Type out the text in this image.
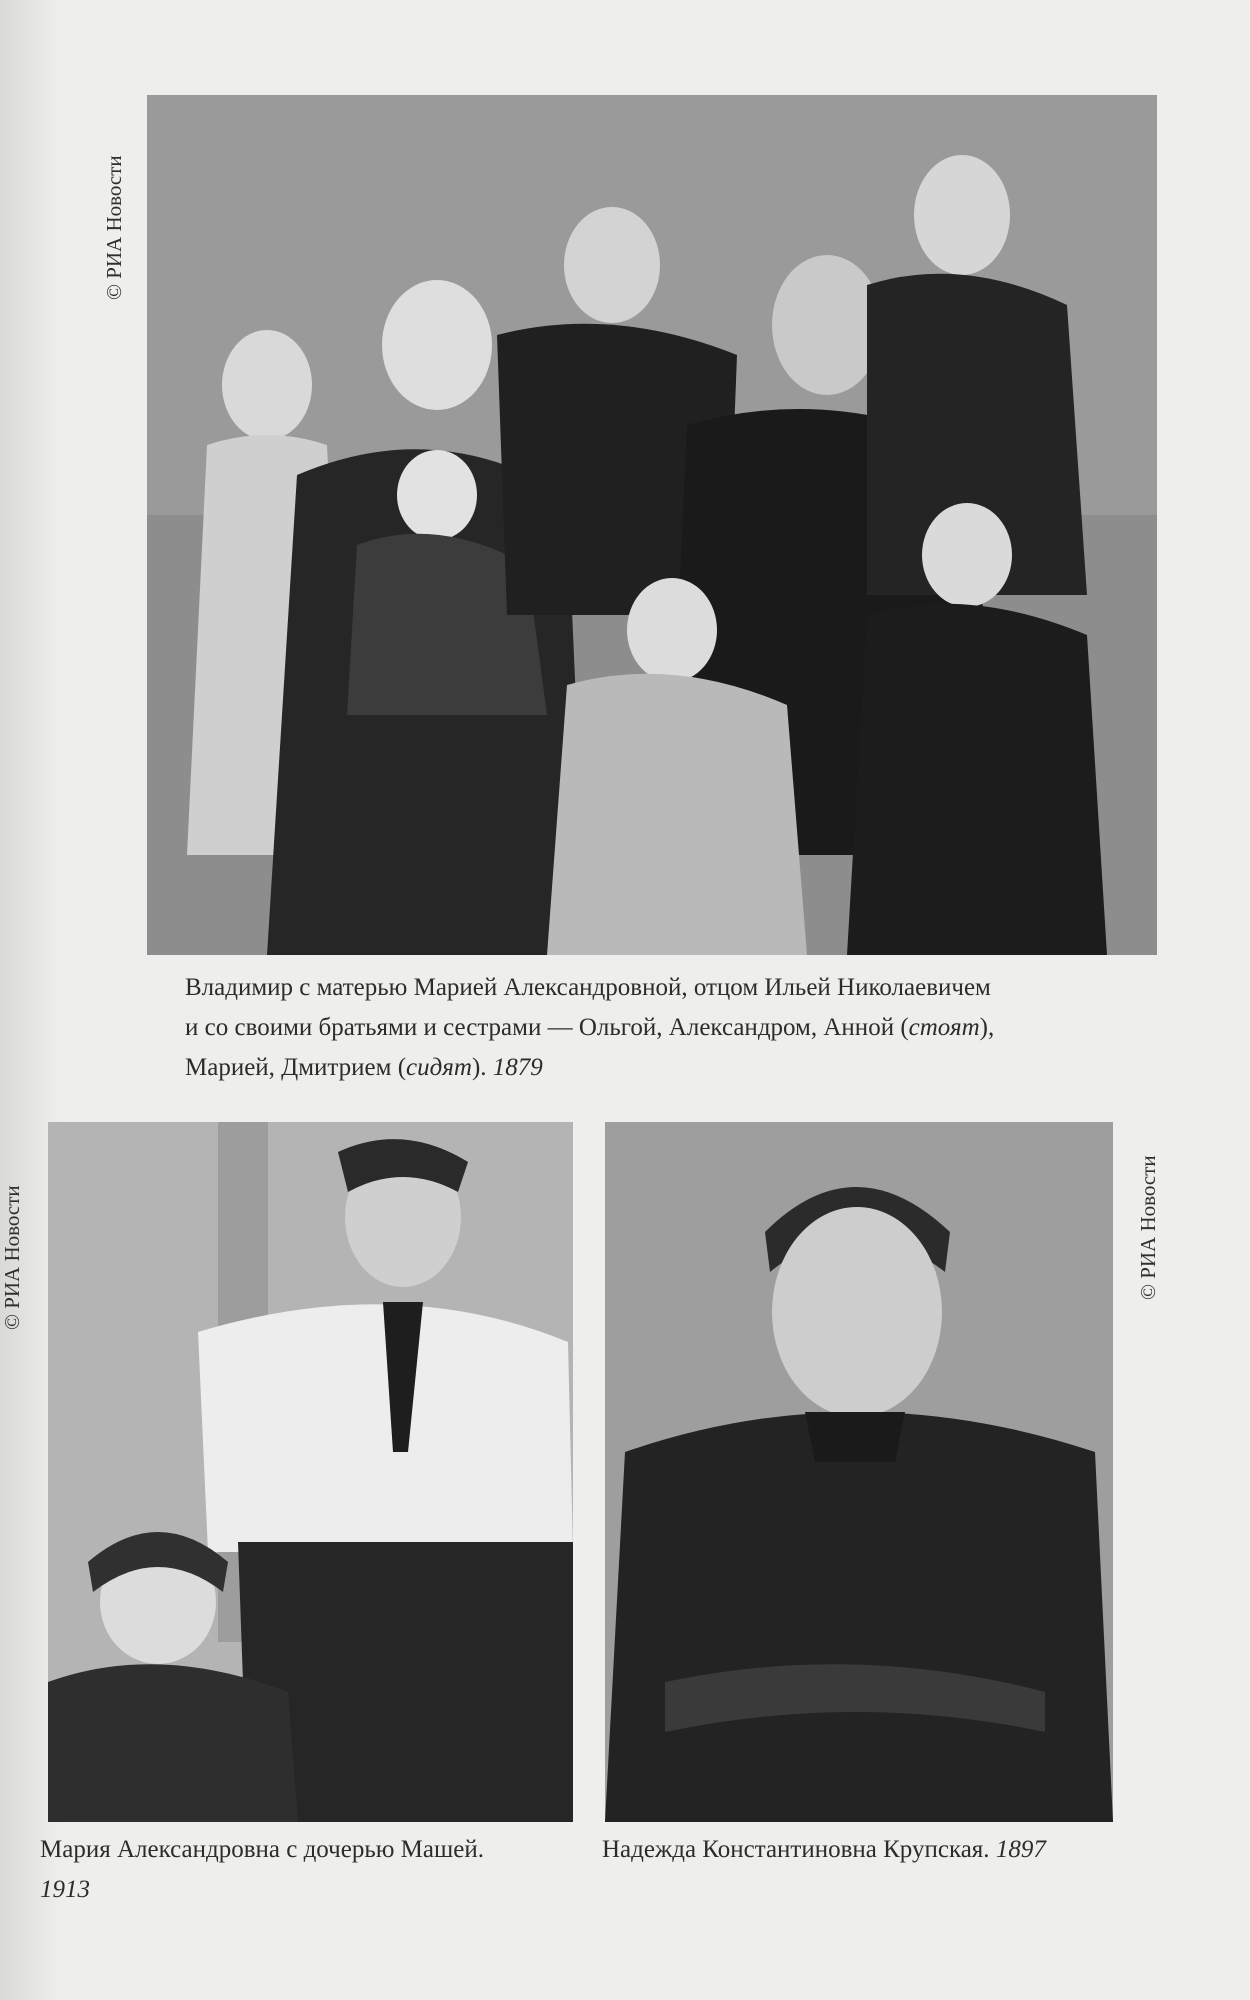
© РИА Новости
Владимир с матерью Марией Александровной, отцом Ильей Николаевичем
и со своими братьями и сестрами — Ольгой, Александром, Анной (стоят),
Марией, Дмитрием (сидят). 1879
© РИА Новости
Мария Александровна с дочерью Машей.
1913
© РИА Новости
Надежда Константиновна Крупская. 1897
